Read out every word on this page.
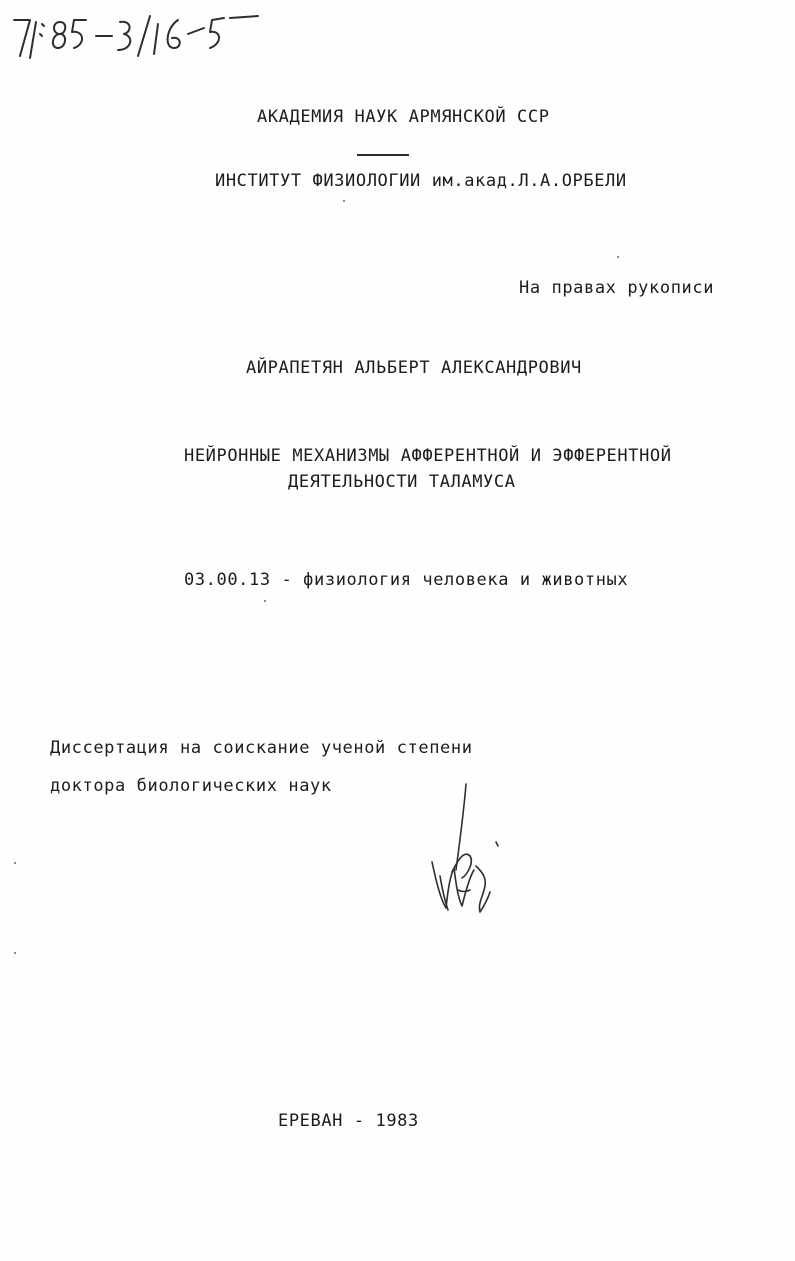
АКАДЕМИЯ НАУК АРМЯНСКОЙ ССР
ИНСТИТУТ ФИЗИОЛОГИИ им.акад.Л.А.ОРБЕЛИ
На правах рукописи
АЙРАПЕТЯН АЛЬБЕРТ АЛЕКСАНДРОВИЧ
НЕЙРОННЫЕ МЕХАНИЗМЫ АФФЕРЕНТНОЙ И ЭФФЕРЕНТНОЙ
ДЕЯТЕЛЬНОСТИ ТАЛАМУСА
03.00.13 - физиология человека и животных
Диссертация на соискание ученой степени
доктора биологических наук
ЕРЕВАН - 1983
